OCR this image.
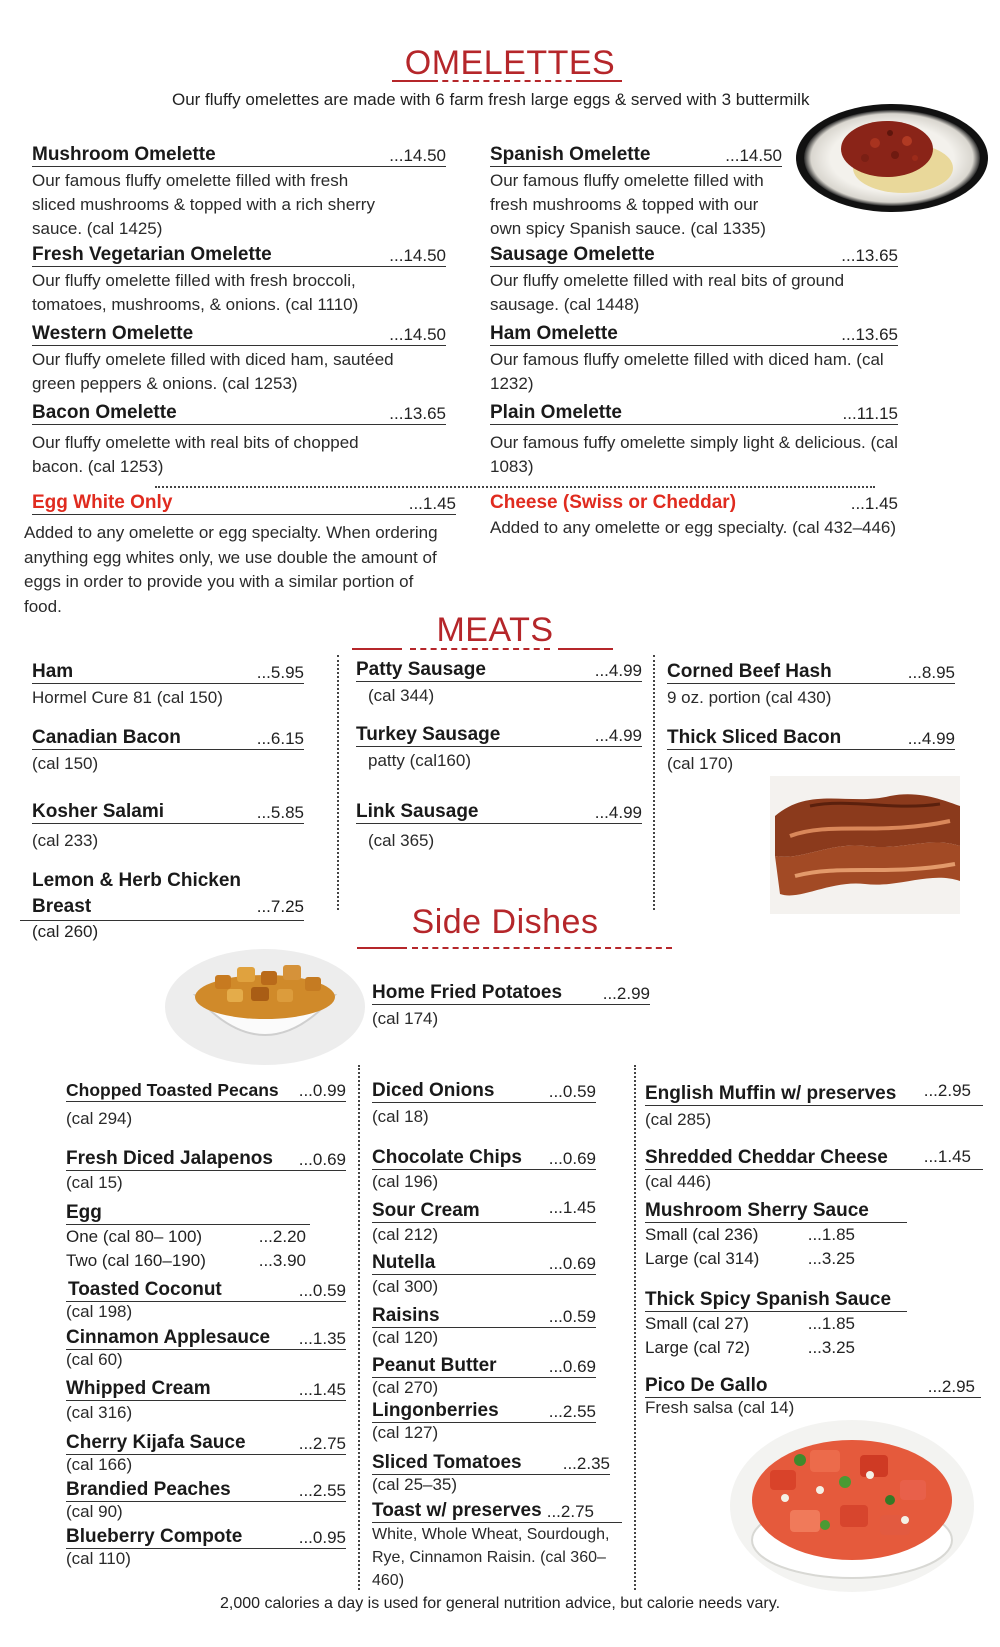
OMELETTES
Our fluffy omelettes are made with 6 farm fresh large eggs & served with 3 buttermilk
Mushroom Omelette	...14.50
Our famous fluffy omelette filled with fresh sliced mushrooms & topped with a rich sherry sauce. (cal 1425)
Fresh Vegetarian Omelette	...14.50
Our fluffy omelette filled with fresh broccoli, tomatoes, mushrooms, & onions. (cal 1110)
Western Omelette	...14.50
Our fluffy omelete filled with diced ham, sautéed green peppers & onions. (cal 1253)
Bacon Omelette	...13.65
Our fluffy omelette with real bits of chopped bacon. (cal 1253)
Spanish Omelette	...14.50
Our famous fluffy omelette filled with fresh mushrooms & topped with our own spicy Spanish sauce. (cal 1335)
Sausage Omelette	...13.65
Our fluffy omelette filled with real bits of ground sausage. (cal 1448)
Ham Omelette	...13.65
Our famous fluffy omelette filled with diced ham. (cal 1232)
Plain Omelette	...11.15
Our famous fuffy omelette simply light & delicious. (cal 1083)
Egg White Only	...1.45
Added to any omelette or egg specialty. When ordering anything egg whites only, we use double the amount of eggs in order to provide you with a similar portion of food.
Cheese (Swiss or Cheddar)	...1.45
Added to any omelette or egg specialty. (cal 432–446)
MEATS
Ham	...5.95
Hormel Cure 81 (cal 150)
Canadian Bacon	...6.15
(cal 150)
Kosher Salami	...5.85
(cal 233)
Lemon & Herb Chicken
Breast	...7.25
(cal 260)
Patty Sausage	...4.99
(cal 344)
Turkey Sausage	...4.99
patty (cal160)
Link Sausage	...4.99
(cal 365)
Corned Beef Hash	...8.95
9 oz. portion (cal 430)
Thick Sliced Bacon	...4.99
(cal 170)
Side Dishes
Home Fried Potatoes ...2.99
(cal 174)
Chopped Toasted Pecans ...0.99
(cal 294)
Fresh Diced Jalapenos ...0.69
(cal 15)
Egg
One (cal 80– 100)	...2.20
Two (cal 160–190)	...3.90
Toasted Coconut	...0.59
(cal 198)
Cinnamon Applesauce ...1.35
(cal 60)
Whipped Cream	...1.45
(cal 316)
Cherry Kijafa Sauce	...2.75
(cal 166)
Brandied Peaches	...2.55
(cal 90)
Blueberry Compote	...0.95
(cal 110)
Diced Onions	...0.59
(cal 18)
Chocolate Chips ...0.69
(cal 196)
Sour Cream	...1.45
(cal 212)
Nutella	...0.69
(cal 300)
Raisins	...0.59
(cal 120)
Peanut Butter	...0.69
(cal 270)
Lingonberries	...2.55
(cal 127)
Sliced Tomatoes ...2.35
(cal 25–35)
Toast w/ preserves ...2.75
White, Whole Wheat, Sourdough, Rye, Cinnamon Raisin. (cal 360–460)
English Muffin w/ preserves ...2.95
(cal 285)
Shredded Cheddar Cheese ...1.45
(cal 446)
Mushroom Sherry Sauce
Small (cal 236)	...1.85
Large (cal 314)	...3.25
Thick Spicy Spanish Sauce
Small (cal 27)	...1.85
Large (cal 72)	...3.25
Pico De Gallo	...2.95
Fresh salsa (cal 14)
2,000 calories a day is used for general nutrition advice, but calorie needs vary.
